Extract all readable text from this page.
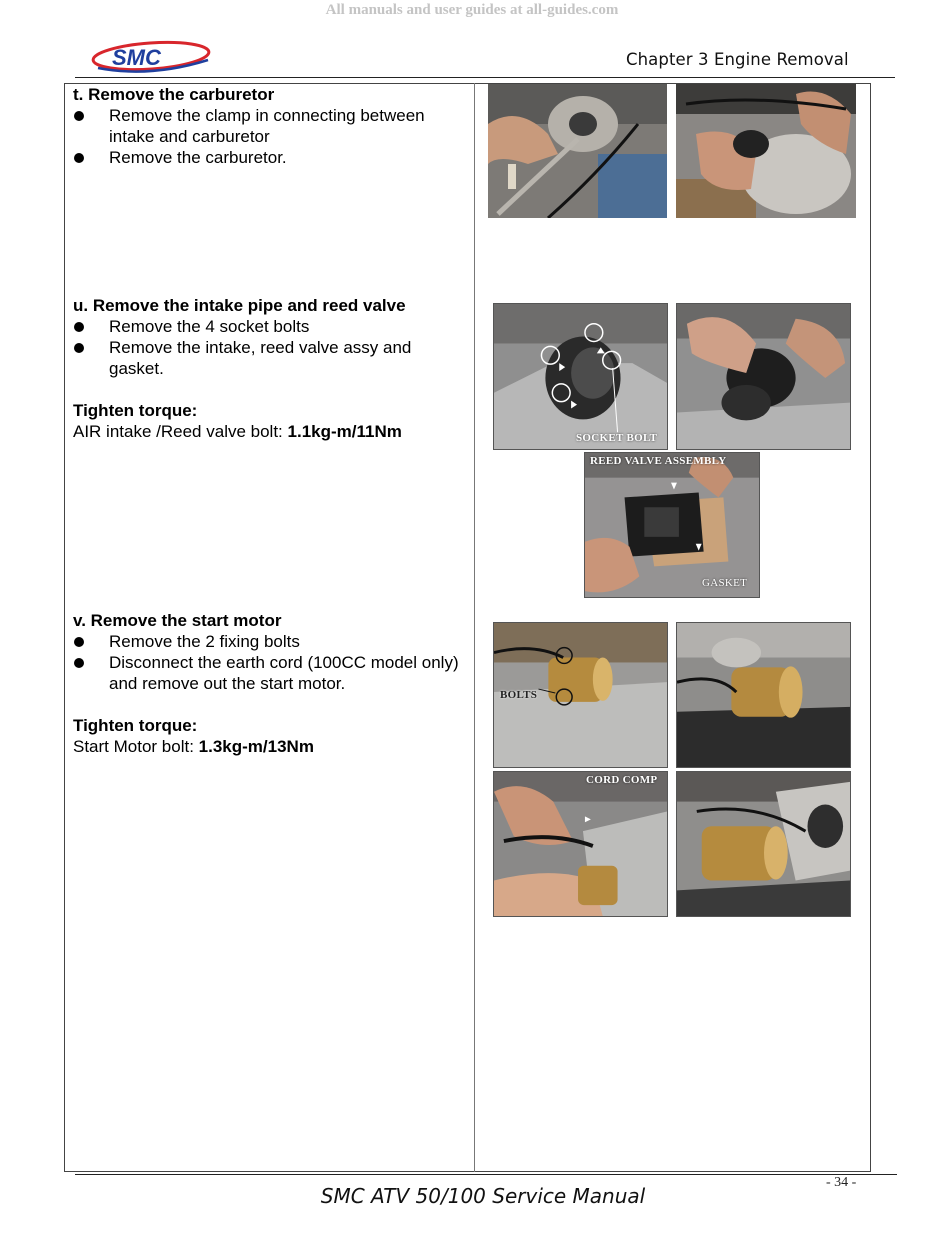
All manuals and user guides at all-guides.com
SMC	Chapter 3 Engine Removal
t. Remove the carburetor
Remove the clamp in connecting between intake and carburetor
Remove the carburetor.
u. Remove the intake pipe and reed valve
Remove the 4 socket bolts
Remove the intake, reed valve assy and gasket.
Tighten torque:
AIR intake /Reed valve bolt: 1.1kg-m/11Nm
v. Remove the start motor
Remove the 2 fixing bolts
Disconnect the earth cord (100CC model only) and remove out the start motor.
Tighten torque:
Start Motor bolt: 1.3kg-m/13Nm
SOCKET BOLT
REED VALVE ASSEMBLY
GASKET
BOLTS
CORD COMP
- 34 -
SMC ATV 50/100 Service Manual
